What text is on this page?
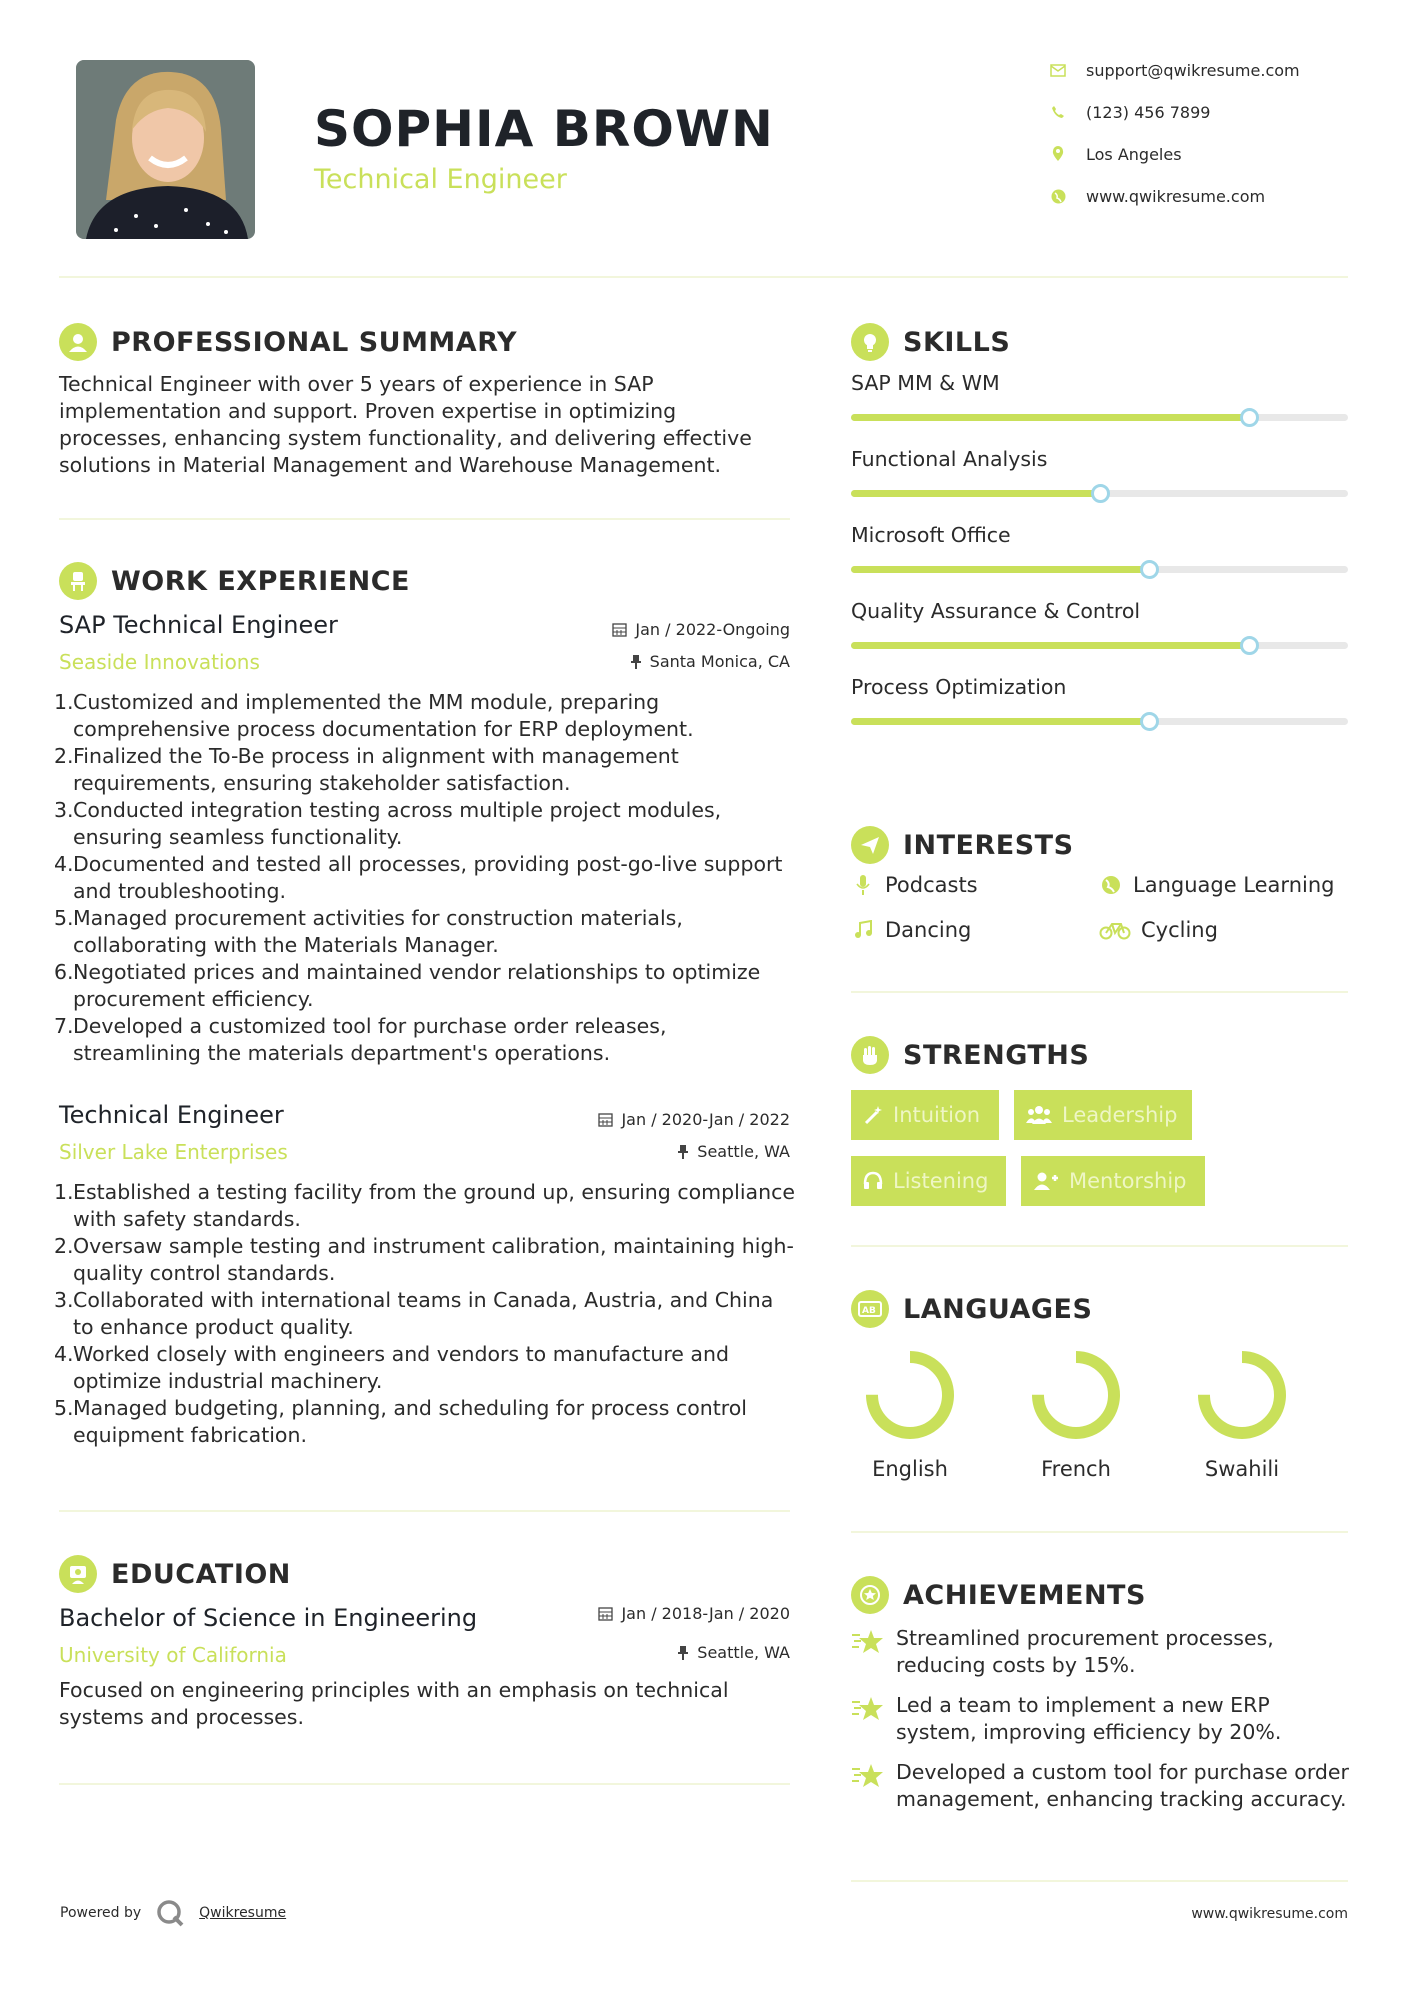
SOPHIA BROWN
Technical Engineer
support@qwikresume.com
(123) 456 7899
Los Angeles
www.qwikresume.com
PROFESSIONAL SUMMARY
Technical Engineer with over 5 years of experience in SAP implementation and support. Proven expertise in optimizing processes, enhancing system functionality, and delivering effective solutions in Material Management and Warehouse Management.
WORK EXPERIENCE
SAP Technical Engineer	Jan / 2022-Ongoing
Seaside Innovations	Santa Monica, CA
1. Customized and implemented the MM module, preparing comprehensive process documentation for ERP deployment.
2. Finalized the To-Be process in alignment with management requirements, ensuring stakeholder satisfaction.
3. Conducted integration testing across multiple project modules, ensuring seamless functionality.
4. Documented and tested all processes, providing post-go-live support and troubleshooting.
5. Managed procurement activities for construction materials, collaborating with the Materials Manager.
6. Negotiated prices and maintained vendor relationships to optimize procurement efficiency.
7. Developed a customized tool for purchase order releases, streamlining the materials department's operations.
Technical Engineer	Jan / 2020-Jan / 2022
Silver Lake Enterprises	Seattle, WA
1. Established a testing facility from the ground up, ensuring compliance with safety standards.
2. Oversaw sample testing and instrument calibration, maintaining high-quality control standards.
3. Collaborated with international teams in Canada, Austria, and China to enhance product quality.
4. Worked closely with engineers and vendors to manufacture and optimize industrial machinery.
5. Managed budgeting, planning, and scheduling for process control equipment fabrication.
EDUCATION
Bachelor of Science in Engineering	Jan / 2018-Jan / 2020
University of California	Seattle, WA
Focused on engineering principles with an emphasis on technical systems and processes.
SKILLS
SAP MM & WM
Functional Analysis
Microsoft Office
Quality Assurance & Control
Process Optimization
INTERESTS
Podcasts	Language Learning
Dancing	Cycling
STRENGTHS
Intuition	Leadership
Listening	Mentorship
AB LANGUAGES
English	French	Swahili
ACHIEVEMENTS
Streamlined procurement processes, reducing costs by 15%.
Led a team to implement a new ERP system, improving efficiency by 20%.
Developed a custom tool for purchase order management, enhancing tracking accuracy.
Powered by	Qwikresume	www.qwikresume.com
